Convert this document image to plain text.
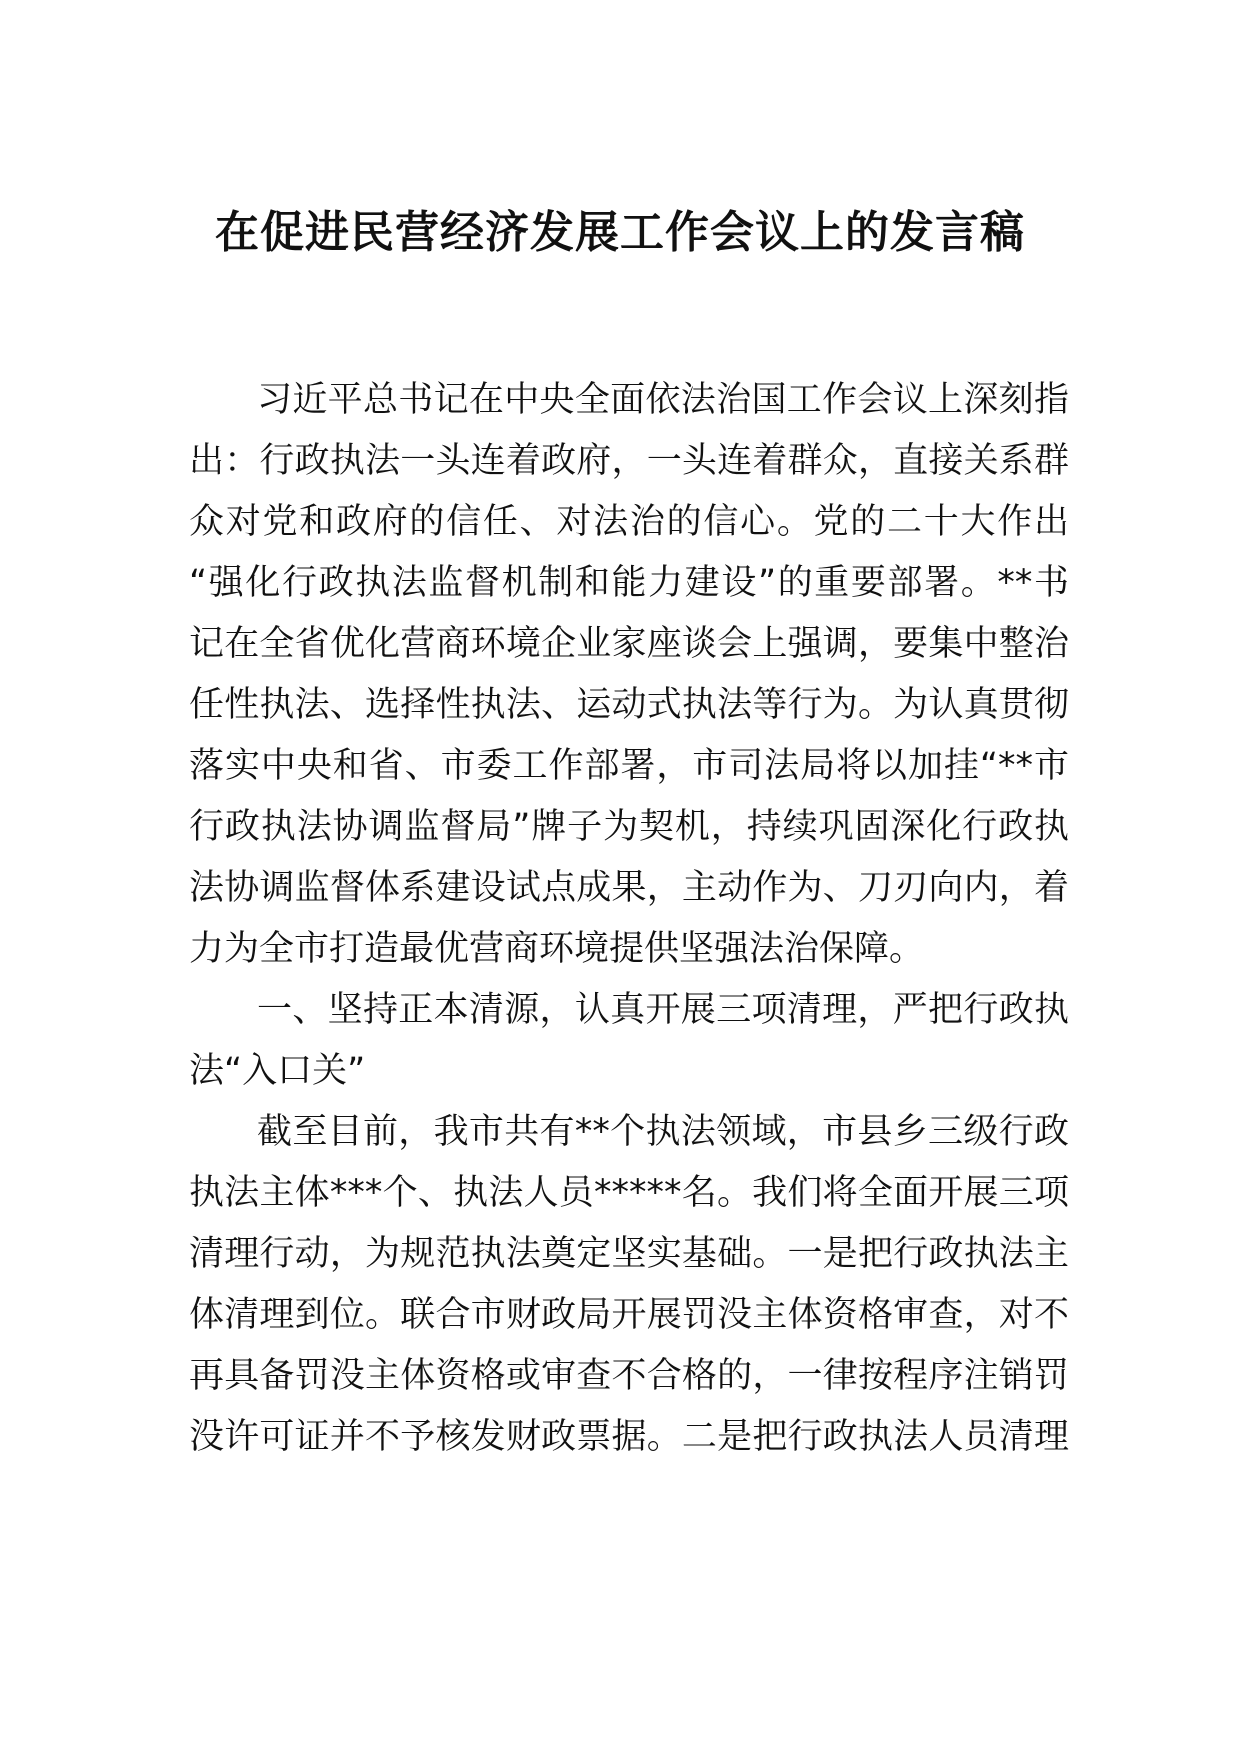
在促进民营经济发展工作会议上的发言稿
习近平总书记在中央全面依法治国工作会议上深刻指
出：行政执法一头连着政府，一头连着群众，直接关系群
众对党和政府的信任、对法治的信心。党的二十大作出
“强化行政执法监督机制和能力建设”的重要部署。**书
记在全省优化营商环境企业家座谈会上强调，要集中整治
任性执法、选择性执法、运动式执法等行为。为认真贯彻
落实中央和省、市委工作部署，市司法局将以加挂“**市
行政执法协调监督局”牌子为契机，持续巩固深化行政执
法协调监督体系建设试点成果，主动作为、刀刃向内，着
力为全市打造最优营商环境提供坚强法治保障。
一、坚持正本清源，认真开展三项清理，严把行政执
法“入口关”
截至目前，我市共有**个执法领域，市县乡三级行政
执法主体***个、执法人员*****名。我们将全面开展三项
清理行动，为规范执法奠定坚实基础。一是把行政执法主
体清理到位。联合市财政局开展罚没主体资格审查，对不
再具备罚没主体资格或审查不合格的，一律按程序注销罚
没许可证并不予核发财政票据。二是把行政执法人员清理
